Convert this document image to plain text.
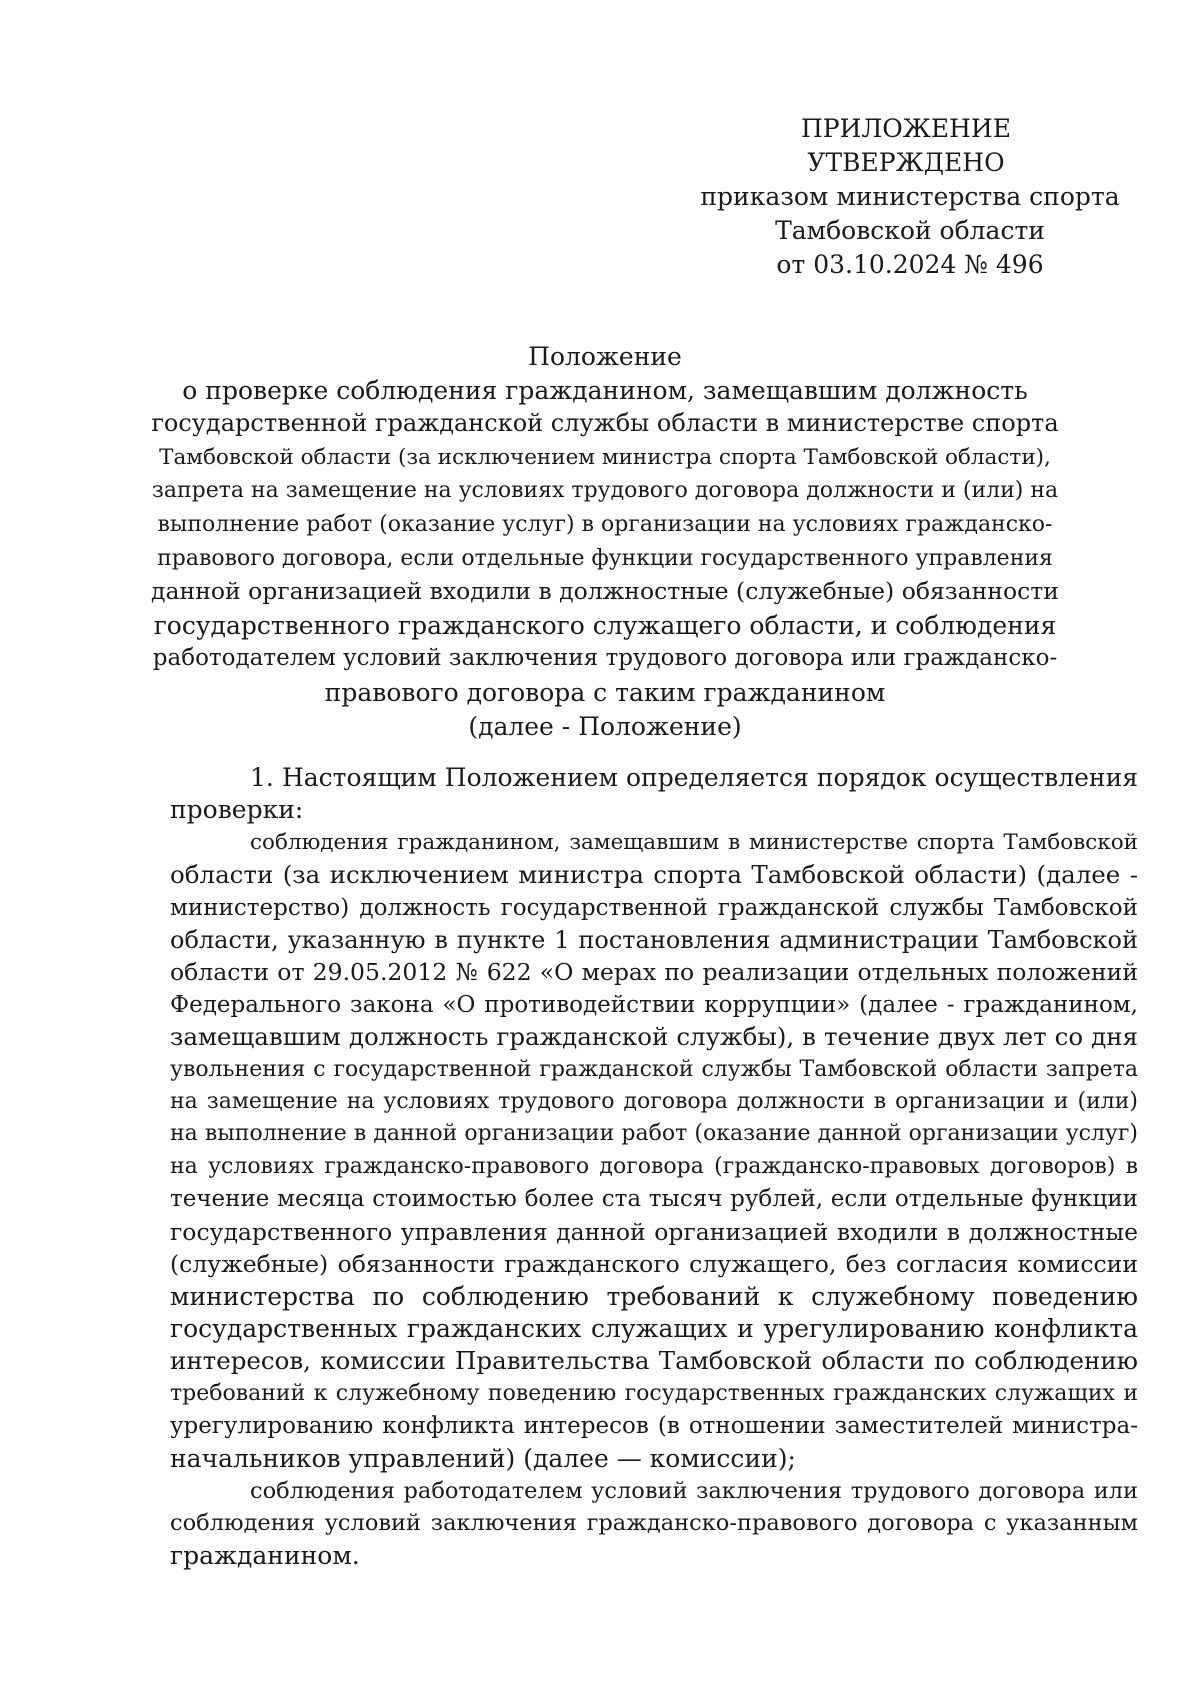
ПРИЛОЖЕНИЕ
УТВЕРЖДЕНО
приказом министерства спорта
Тамбовской области
от 03.10.2024 № 496
Положение
о проверке соблюдения гражданином, замещавшим должность
государственной гражданской службы области в министерстве спорта
Тамбовской области (за исключением министра спорта Тамбовской области),
запрета на замещение на условиях трудового договора должности и (или) на
выполнение работ (оказание услуг) в организации на условиях гражданско-
правового договора, если отдельные функции государственного управления
данной организацией входили в должностные (служебные) обязанности
государственного гражданского служащего области, и соблюдения
работодателем условий заключения трудового договора или гражданско-
правового договора с таким гражданином
(далее - Положение)
1. Настоящим Положением определяется порядок осуществления
проверки:
соблюдения гражданином, замещавшим в министерстве спорта Тамбовской
области (за исключением министра спорта Тамбовской области) (далее -
министерство) должность государственной гражданской службы Тамбовской
области, указанную в пункте 1 постановления администрации Тамбовской
области от 29.05.2012 № 622 «О мерах по реализации отдельных положений
Федерального закона «О противодействии коррупции» (далее - гражданином,
замещавшим должность гражданской службы), в течение двух лет со дня
увольнения с государственной гражданской службы Тамбовской области запрета
на замещение на условиях трудового договора должности в организации и (или)
на выполнение в данной организации работ (оказание данной организации услуг)
на условиях гражданско-правового договора (гражданско-правовых договоров) в
течение месяца стоимостью более ста тысяч рублей, если отдельные функции
государственного управления данной организацией входили в должностные
(служебные) обязанности гражданского служащего, без согласия комиссии
министерства по соблюдению требований к служебному поведению
государственных гражданских служащих и урегулированию конфликта
интересов, комиссии Правительства Тамбовской области по соблюдению
требований к служебному поведению государственных гражданских служащих и
урегулированию конфликта интересов (в отношении заместителей министра-
начальников управлений) (далее — комиссии);
соблюдения работодателем условий заключения трудового договора или
соблюдения условий заключения гражданско-правового договора с указанным
гражданином.
